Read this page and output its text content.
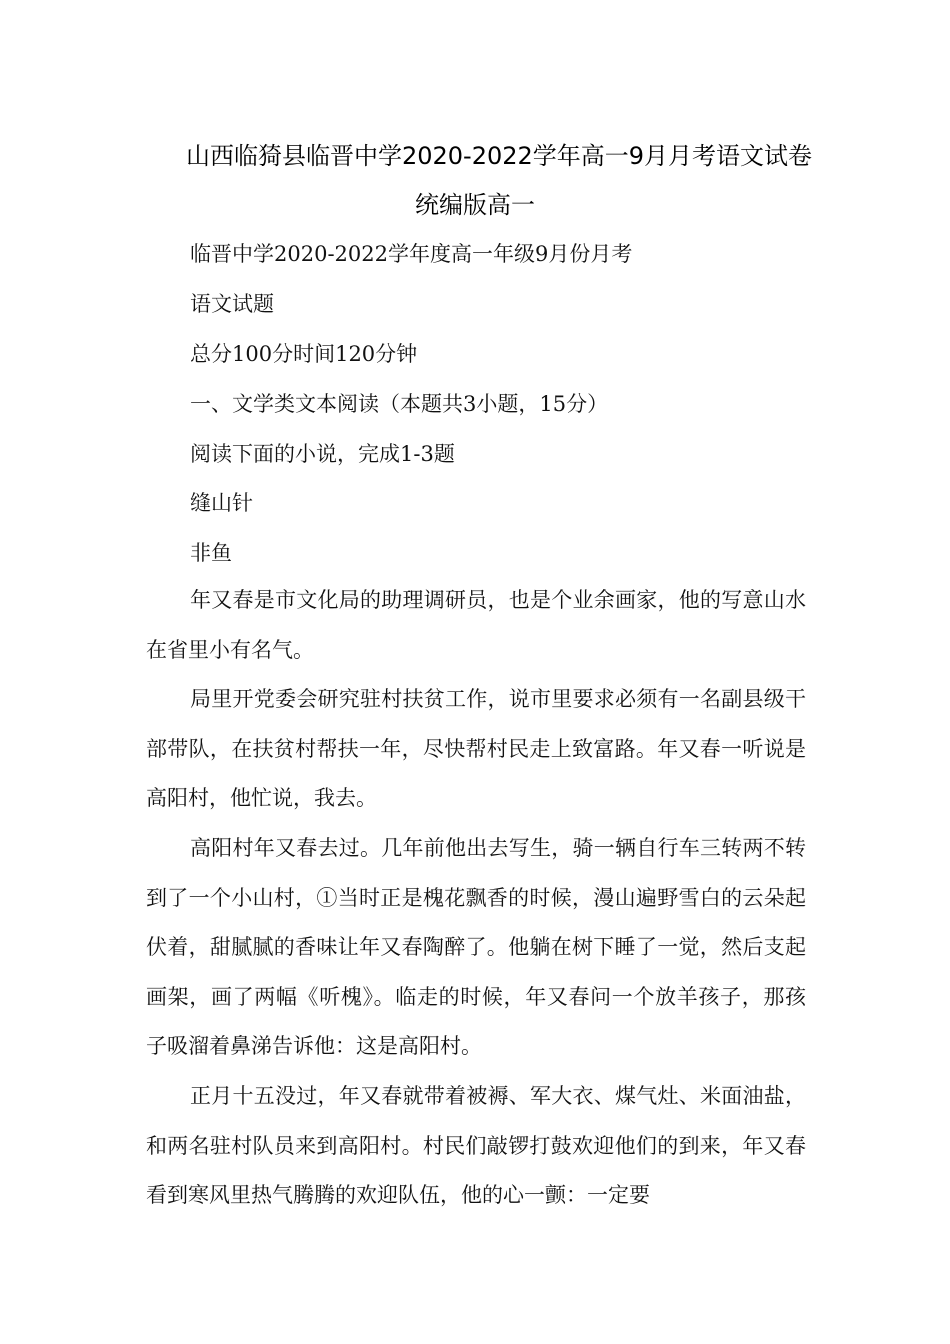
山西临猗县临晋中学2020-2022学年高一9月月考语文试卷
统编版高一
临晋中学2020-2022学年度高一年级9月份月考
语文试题
总分100分时间120分钟
一、文学类文本阅读（本题共3小题，15分）
阅读下面的小说，完成1-3题
缝山针
非鱼
年又春是市文化局的助理调研员，也是个业余画家，他的写意山水在省里小有名气。
局里开党委会研究驻村扶贫工作，说市里要求必须有一名副县级干部带队，在扶贫村帮扶一年，尽快帮村民走上致富路。年又春一听说是高阳村，他忙说，我去。
高阳村年又春去过。几年前他出去写生，骑一辆自行车三转两不转到了一个小山村，①当时正是槐花飘香的时候，漫山遍野雪白的云朵起伏着，甜腻腻的香味让年又春陶醉了。他躺在树下睡了一觉，然后支起画架，画了两幅《听槐》。临走的时候，年又春问一个放羊孩子，那孩子吸溜着鼻涕告诉他：这是高阳村。
正月十五没过，年又春就带着被褥、军大衣、煤气灶、米面油盐，和两名驻村队员来到高阳村。村民们敲锣打鼓欢迎他们的到来，年又春看到寒风里热气腾腾的欢迎队伍，他的心一颤：一定要
